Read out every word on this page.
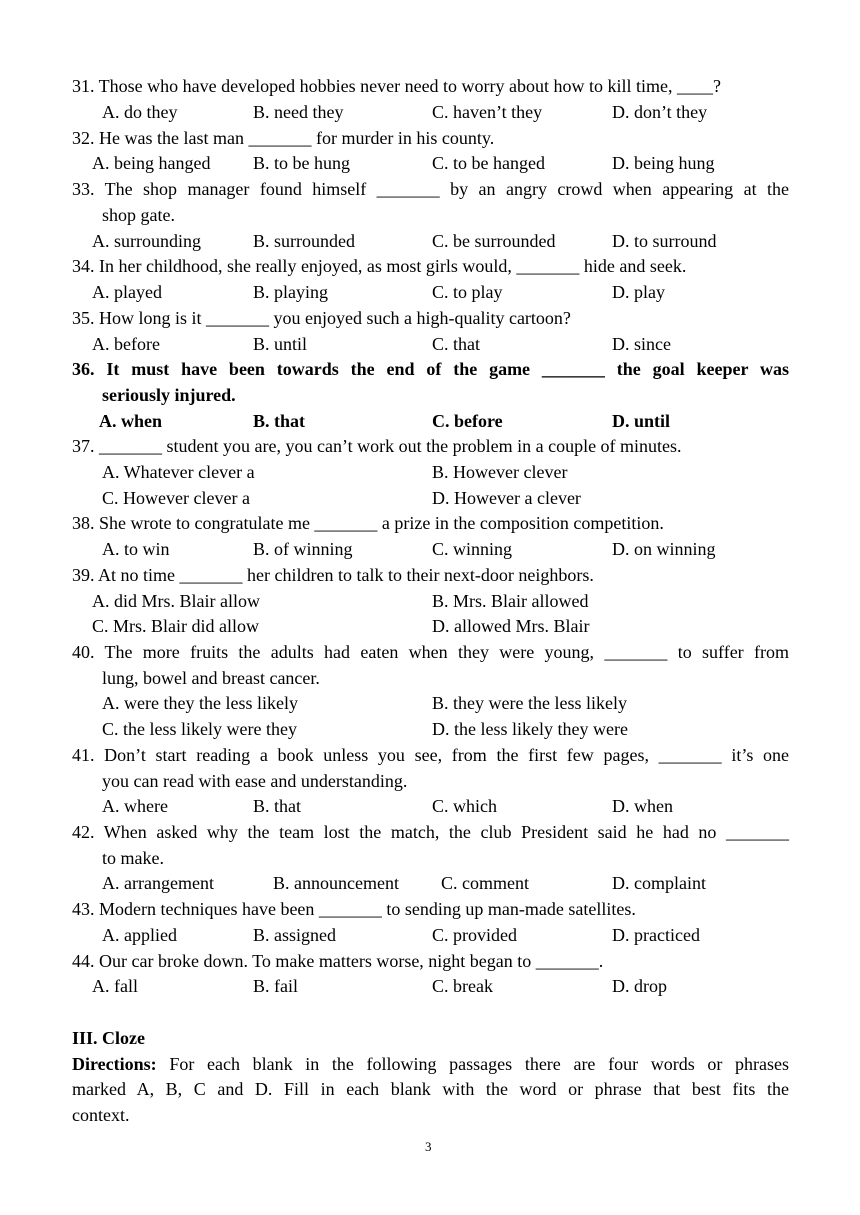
31. Those who have developed hobbies never need to worry about how to kill time, ____?
A. do they	B. need they	C. haven’t they	D. don’t they
32. He was the last man _______ for murder in his county.
A. being hanged B. to be hung	C. to be hanged	D. being hung
33. The shop manager found himself _______ by an angry crowd when appearing at the
shop gate.
A. surrounding	B. surrounded	C. be surrounded	D. to surround
34. In her childhood, she really enjoyed, as most girls would, _______ hide and seek.
A. played	B. playing	C. to play	D. play
35. How long is it _______ you enjoyed such a high-quality cartoon?
A. before	B. until	C. that	D. since
36. It must have been towards the end of the game _______ the goal keeper was
seriously injured.
A. when	B. that	C. before	D. until
37. _______ student you are, you can’t work out the problem in a couple of minutes.
A. Whatever clever a	B. However clever
C. However clever a	D. However a clever
38. She wrote to congratulate me _______ a prize in the composition competition.
A. to win	B. of winning	C. winning	D. on winning
39. At no time _______ her children to talk to their next-door neighbors.
A. did Mrs. Blair allow	B. Mrs. Blair allowed
C. Mrs. Blair did allow	D. allowed Mrs. Blair
40. The more fruits the adults had eaten when they were young, _______ to suffer from
lung, bowel and breast cancer.
A. were they the less likely	B. they were the less likely
C. the less likely were they	D. the less likely they were
41. Don’t start reading a book unless you see, from the first few pages, _______ it’s one
you can read with ease and understanding.
A. where	B. that	C. which	D. when
42. When asked why the team lost the match, the club President said he had no _______
to make.
A. arrangement	B. announcement C. comment	D. complaint
43. Modern techniques have been _______ to sending up man-made satellites.
A. applied	B. assigned	C. provided	D. practiced
44. Our car broke down. To make matters worse, night began to _______.
A. fall	B. fail	C. break	D. drop
III. Cloze
Directions: For each blank in the following passages there are four words or phrases
marked A, B, C and D. Fill in each blank with the word or phrase that best fits the
context.
3
